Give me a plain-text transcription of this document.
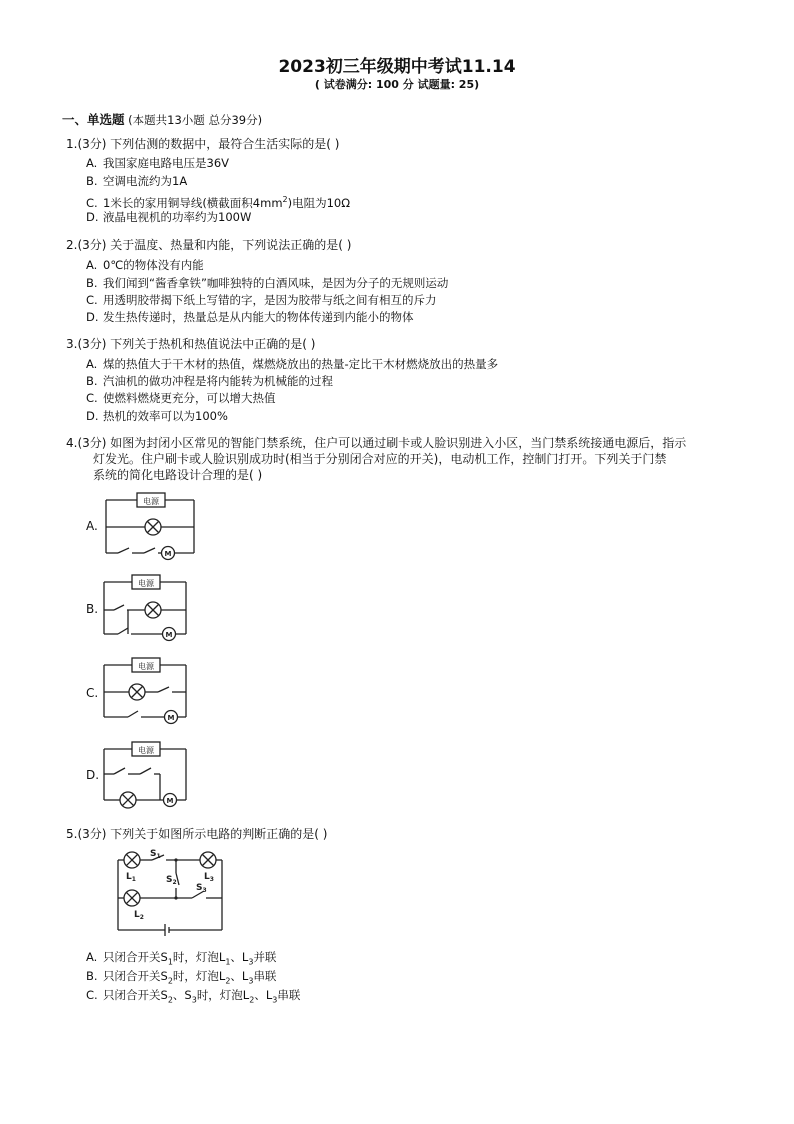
2023初三年级期中考试11.14
( 试卷满分: 100 分 试题量: 25)
一、单选题 (本题共13小题 总分39分)
1.(3分) 下列估测的数据中，最符合生活实际的是( )
A. 我国家庭电路电压是36V
B. 空调电流约为1A
C. 1米长的家用铜导线(横截面积$4mm^2$)电阻为10Ω
D. 液晶电视机的功率约为100W
2.(3分) 关于温度、热量和内能，下列说法正确的是( )
A. 0℃的物体没有内能
B. 我们闻到“酱香拿铁”咖啡独特的白酒风味，是因为分子的无规则运动
C. 用透明胶带揭下纸上写错的字，是因为胶带与纸之间有相互的斥力
D. 发生热传递时，热量总是从内能大的物体传递到内能小的物体
3.(3分) 下列关于热机和热值说法中正确的是( )
A. 煤的热值大于干木材的热值，煤燃烧放出的热量-定比干木材燃烧放出的热量多
B. 汽油机的做功冲程是将内能转为机械能的过程
C. 使燃料燃烧更充分，可以增大热值
D. 热机的效率可以为100%
4.(3分) 如图为封闭小区常见的智能门禁系统，住户可以通过刷卡或人脸识别进入小区，当门禁系统接通电源后，指示
灯发光。住户刷卡或人脸识别成功时(相当于分别闭合对应的开关)，电动机工作，控制门打开。下列关于门禁
系统的简化电路设计合理的是( )
A.
电源
M
B.
电源
M
C.
电源
M
D.
电源
M
5.(3分) 下列关于如图所示电路的判断正确的是( )
$S_1$
$S_2$
$S_3$
$L_1$
$L_2$
$L_3$
A. 只闭合开关$S_1$时，灯泡$L_1$、$L_3$并联
B. 只闭合开关$S_2$时，灯泡$L_2$、$L_3$串联
C. 只闭合开关$S_2$、$S_3$时，灯泡$L_2$、$L_3$串联
